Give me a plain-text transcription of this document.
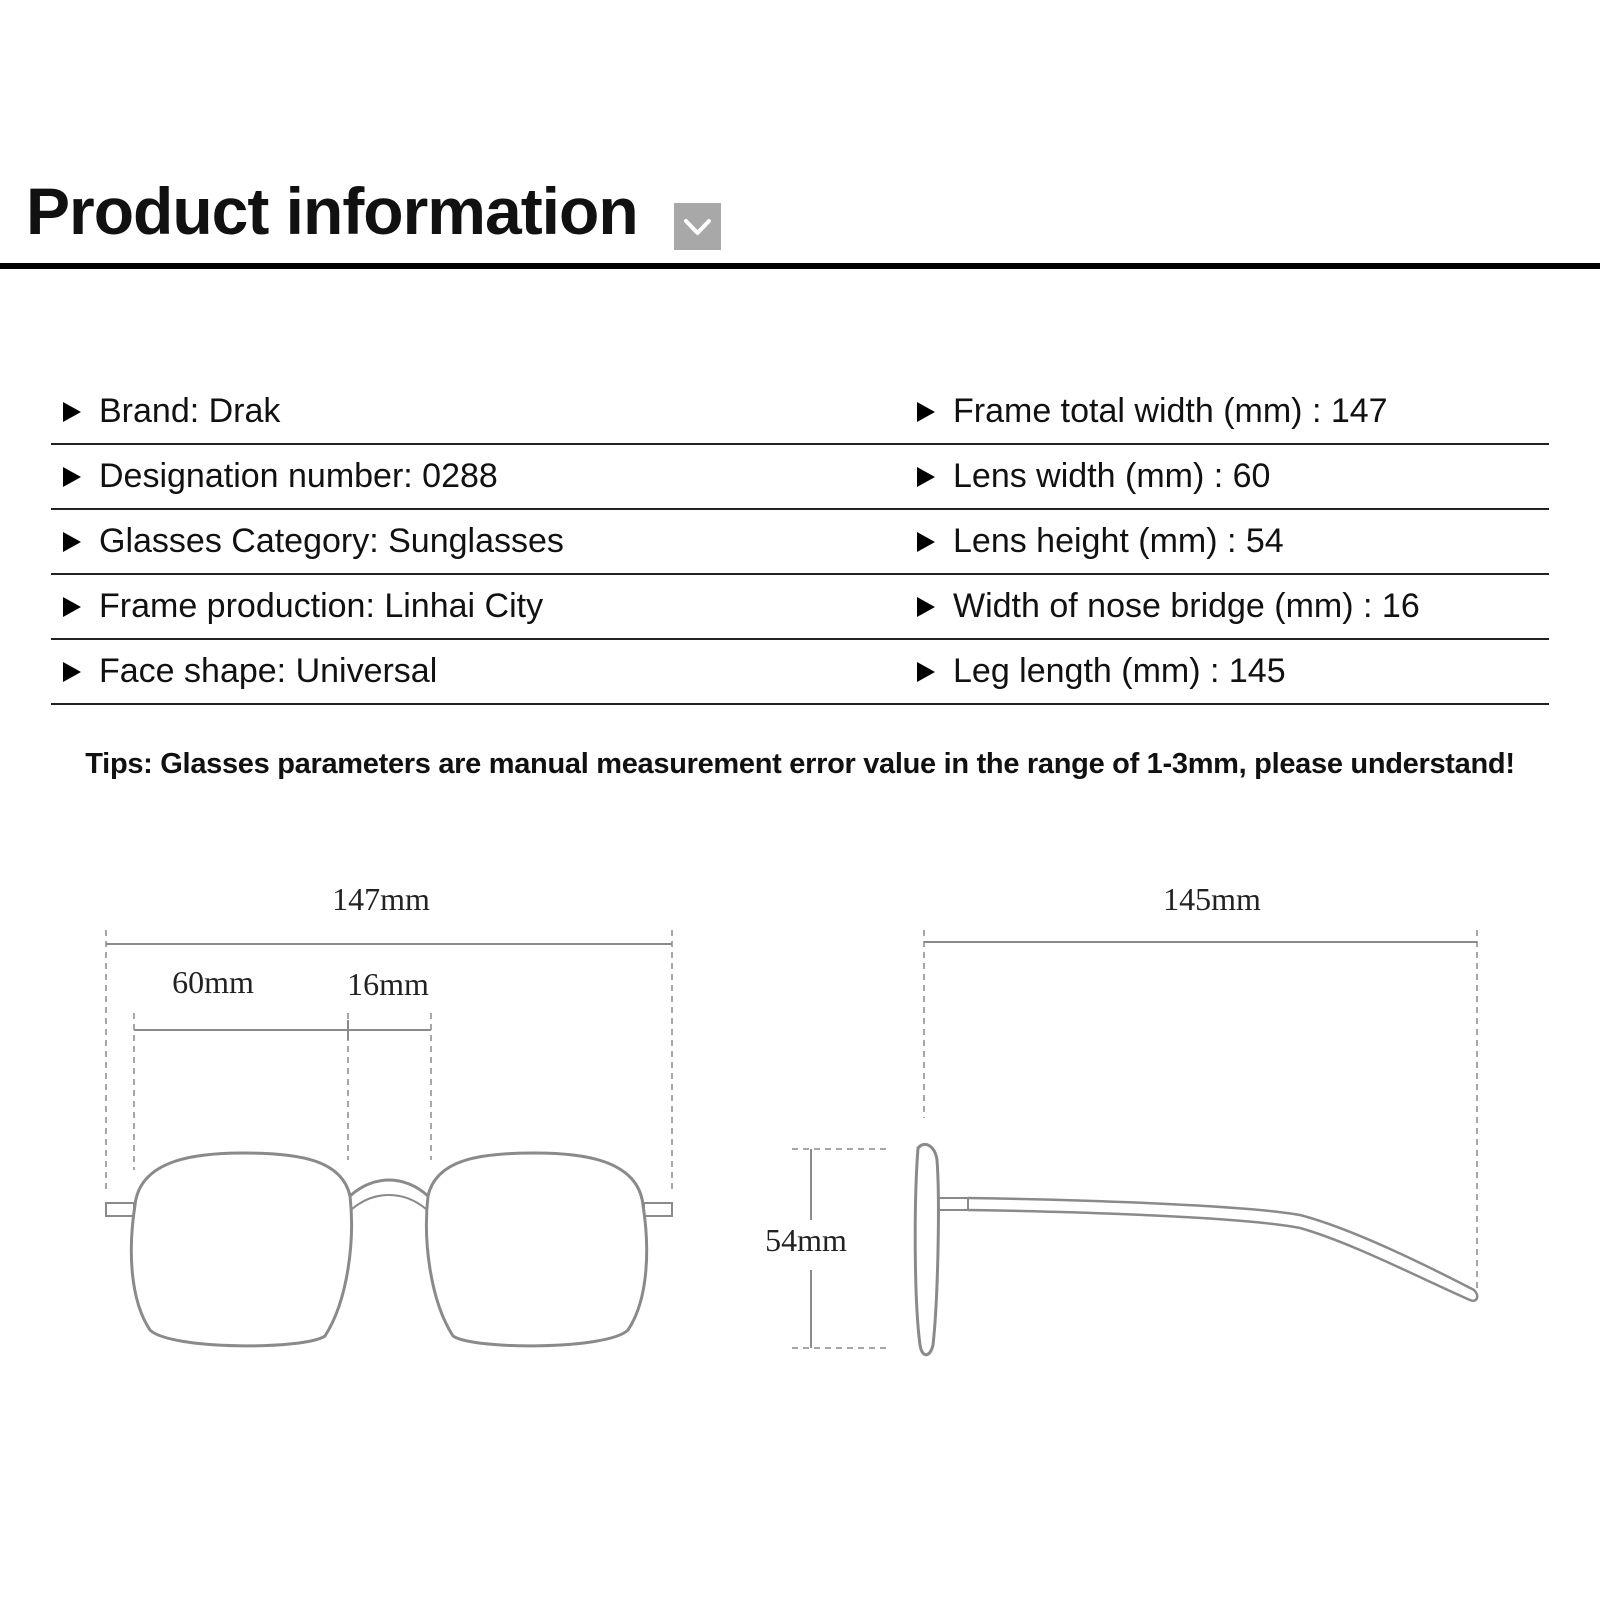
Product information
Brand: Drak	Frame total width (mm) : 147
Designation number: 0288	Lens width (mm) : 60
Glasses Category: Sunglasses	Lens height (mm) : 54
Frame production: Linhai City	Width of nose bridge (mm) : 16
Face shape: Universal	Leg length (mm) : 145
Tips: Glasses parameters are manual measurement error value in the range of 1-3mm, please understand!
147mm
60mm	16mm
145mm
54mm
